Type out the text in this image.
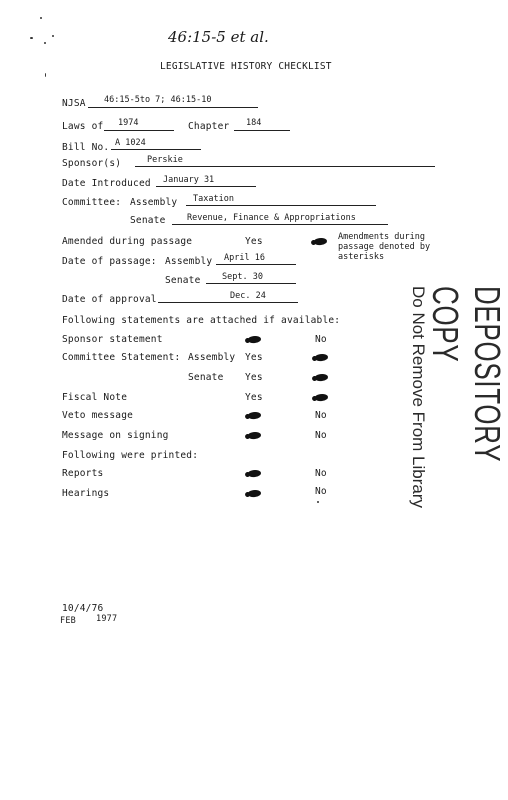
46:15-5 et al.
LEGISLATIVE HISTORY CHECKLIST
NJSA 46:15-5to 7; 46:15-10
Laws of 1974	Chapter 184
Bill No. A 1024
Sponsor(s)	Perskie
Date Introduced January 31
Committee: Assembly Taxation
Senate	Revenue, Finance & Appropriations
Amended during passage	Yes	Amendments during passage denoted by asterisks
Date of passage: Assembly April 16
Senate	Sept. 30
Date of approval	Dec. 24
Following statements are attached if available:
Sponsor statement	No
Committee Statement: Assembly Yes
Senate Yes
Fiscal Note	Yes
Veto message	No
Message on signing	No
Following were printed:
Reports	No
Hearings	No
DEPOSITORY COPY
Do Not Remove From Library
10/4/76
FEB 1977
